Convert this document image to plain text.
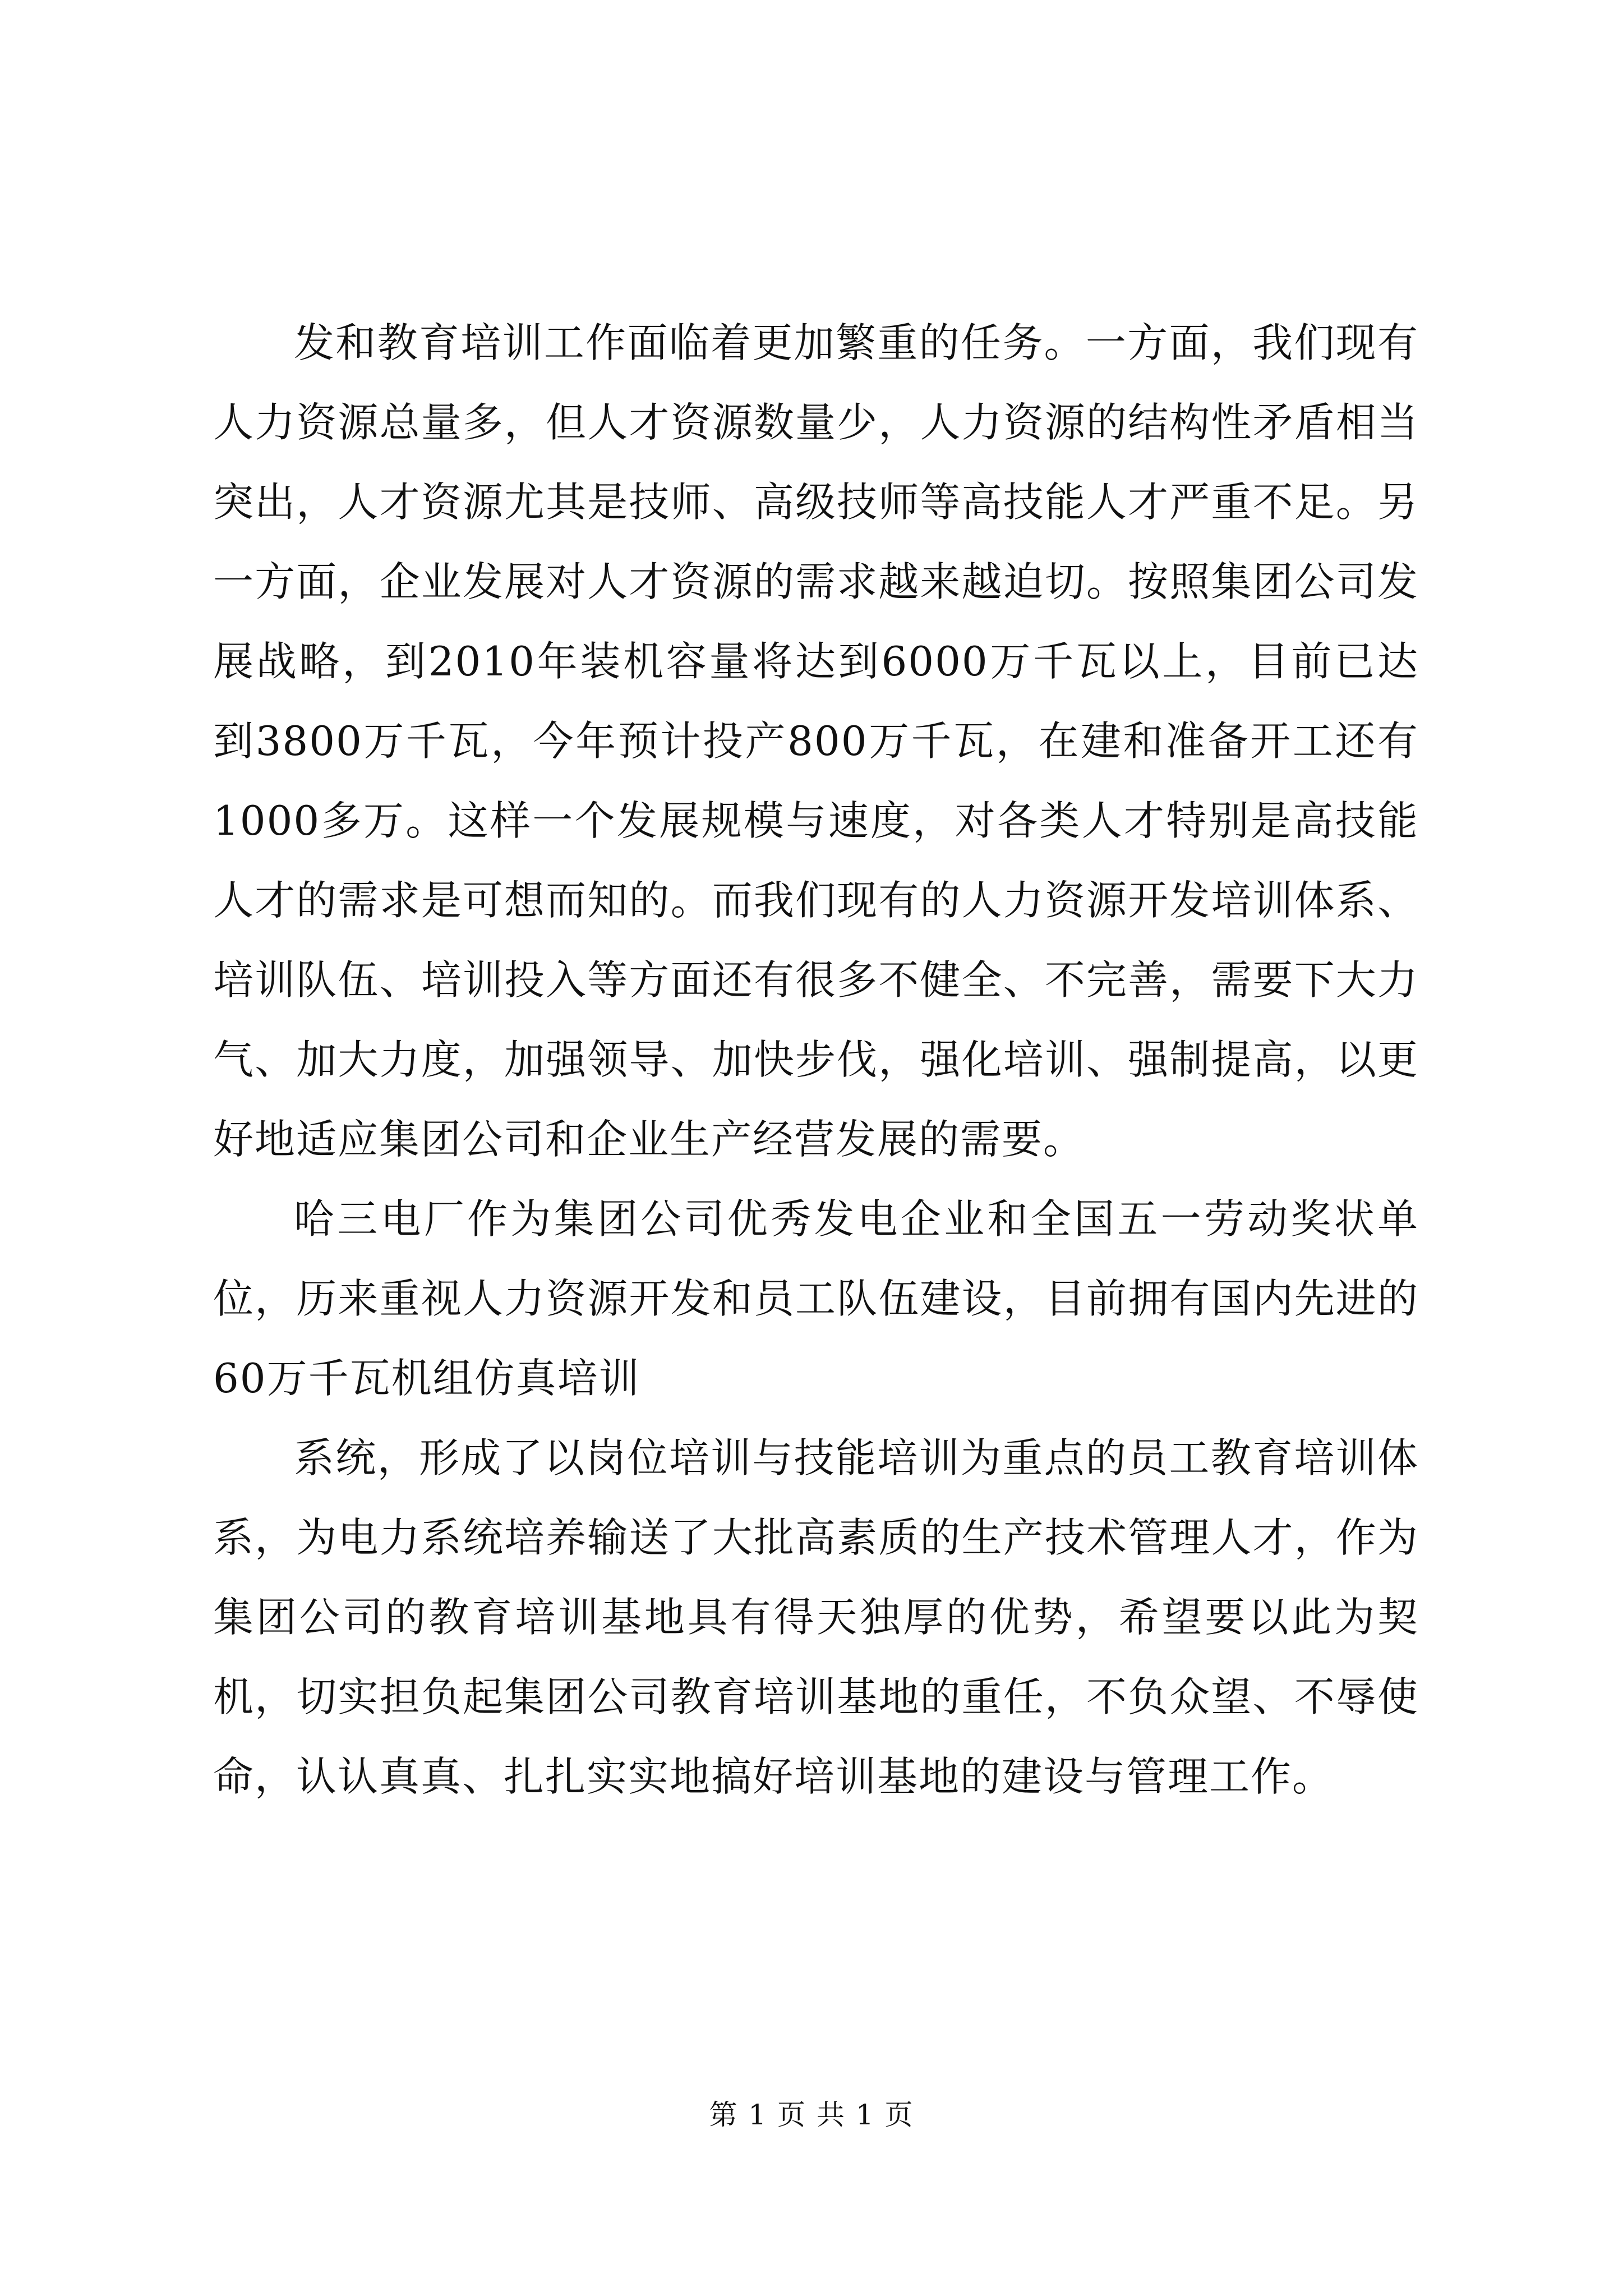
发和教育培训工作面临着更加繁重的任务。一方面，我们现有人力资源总量多，但人才资源数量少，人力资源的结构性矛盾相当突出，人才资源尤其是技师、高级技师等高技能人才严重不足。另一方面，企业发展对人才资源的需求越来越迫切。按照集团公司发展战略，到2010年装机容量将达到6000万千瓦以上，目前已达到3800万千瓦，今年预计投产800万千瓦，在建和准备开工还有1000多万。这样一个发展规模与速度，对各类人才特别是高技能人才的需求是可想而知的。而我们现有的人力资源开发培训体系、培训队伍、培训投入等方面还有很多不健全、不完善，需要下大力气、加大力度，加强领导、加快步伐，强化培训、强制提高，以更好地适应集团公司和企业生产经营发展的需要。

哈三电厂作为集团公司优秀发电企业和全国五一劳动奖状单位，历来重视人力资源开发和员工队伍建设，目前拥有国内先进的60万千瓦机组仿真培训

系统，形成了以岗位培训与技能培训为重点的员工教育培训体系，为电力系统培养输送了大批高素质的生产技术管理人才，作为集团公司的教育培训基地具有得天独厚的优势，希望要以此为契机，切实担负起集团公司教育培训基地的重任，不负众望、不辱使命，认认真真、扎扎实实地搞好培训基地的建设与管理工作。

第 1 页 共 1 页
